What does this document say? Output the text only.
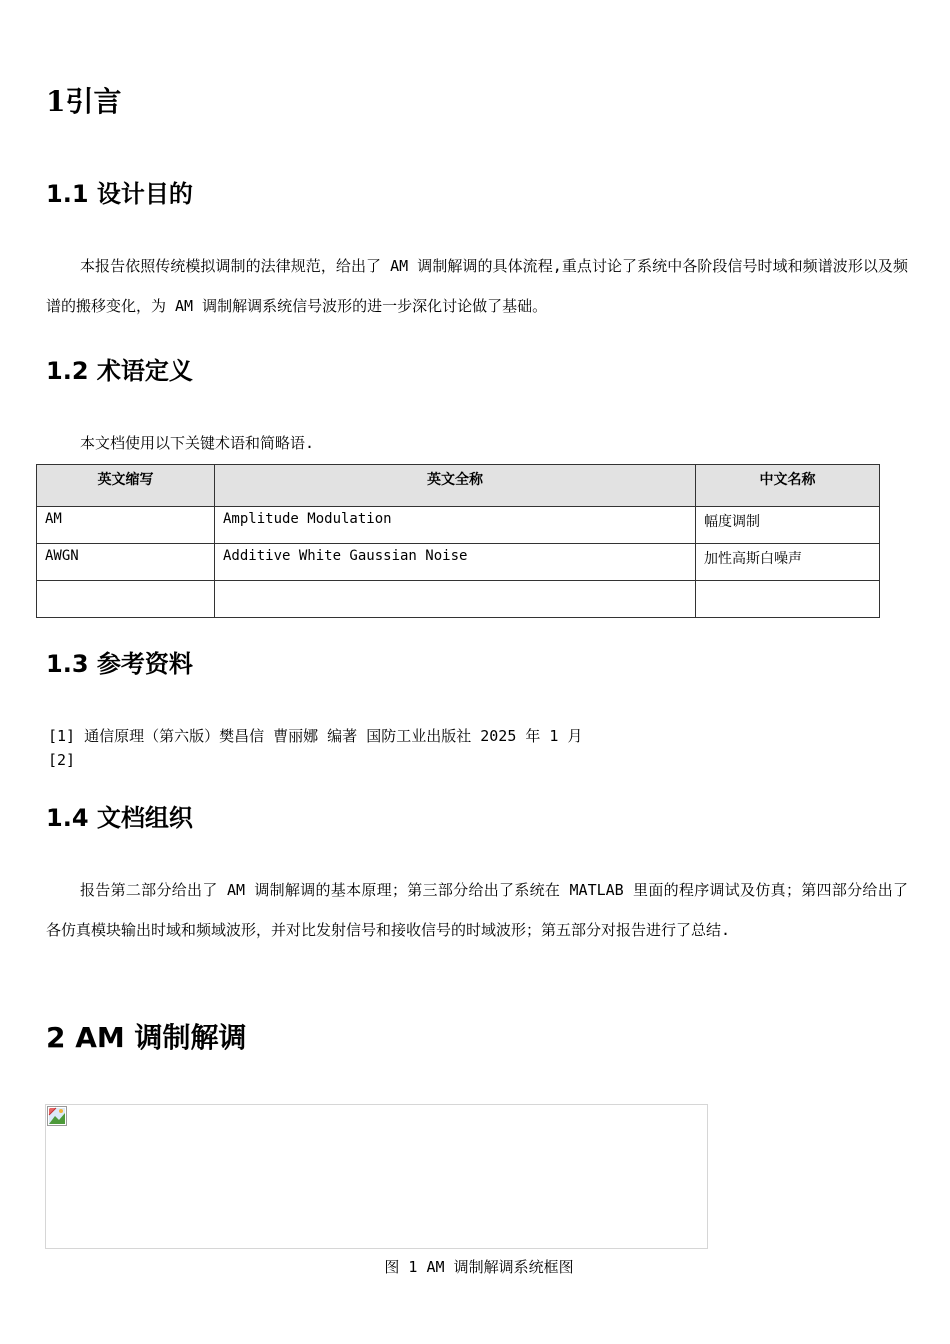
1引言
1.1 设计目的

本报告依照传统模拟调制的法律规范，给出了 AM 调制解调的具体流程,重点讨论了系统中各阶段信号时域和频谱波形以及频谱的搬移变化，为 AM 调制解调系统信号波形的进一步深化讨论做了基础。

1.2 术语定义

本文档使用以下关键术语和简略语.

英文缩写	英文全称	中文名称
AM	Amplitude Modulation	幅度调制
AWGN	Additive White Gaussian Noise	加性高斯白噪声

1.3 参考资料
[1] 通信原理（第六版）樊昌信 曹丽娜 编著 国防工业出版社 2025 年 1 月
[2]
1.4 文档组织

报告第二部分给出了 AM 调制解调的基本原理；第三部分给出了系统在 MATLAB 里面的程序调试及仿真；第四部分给出了各仿真模块输出时域和频域波形，并对比发射信号和接收信号的时域波形；第五部分对报告进行了总结.

2 AM 调制解调
图 1 AM 调制解调系统框图
